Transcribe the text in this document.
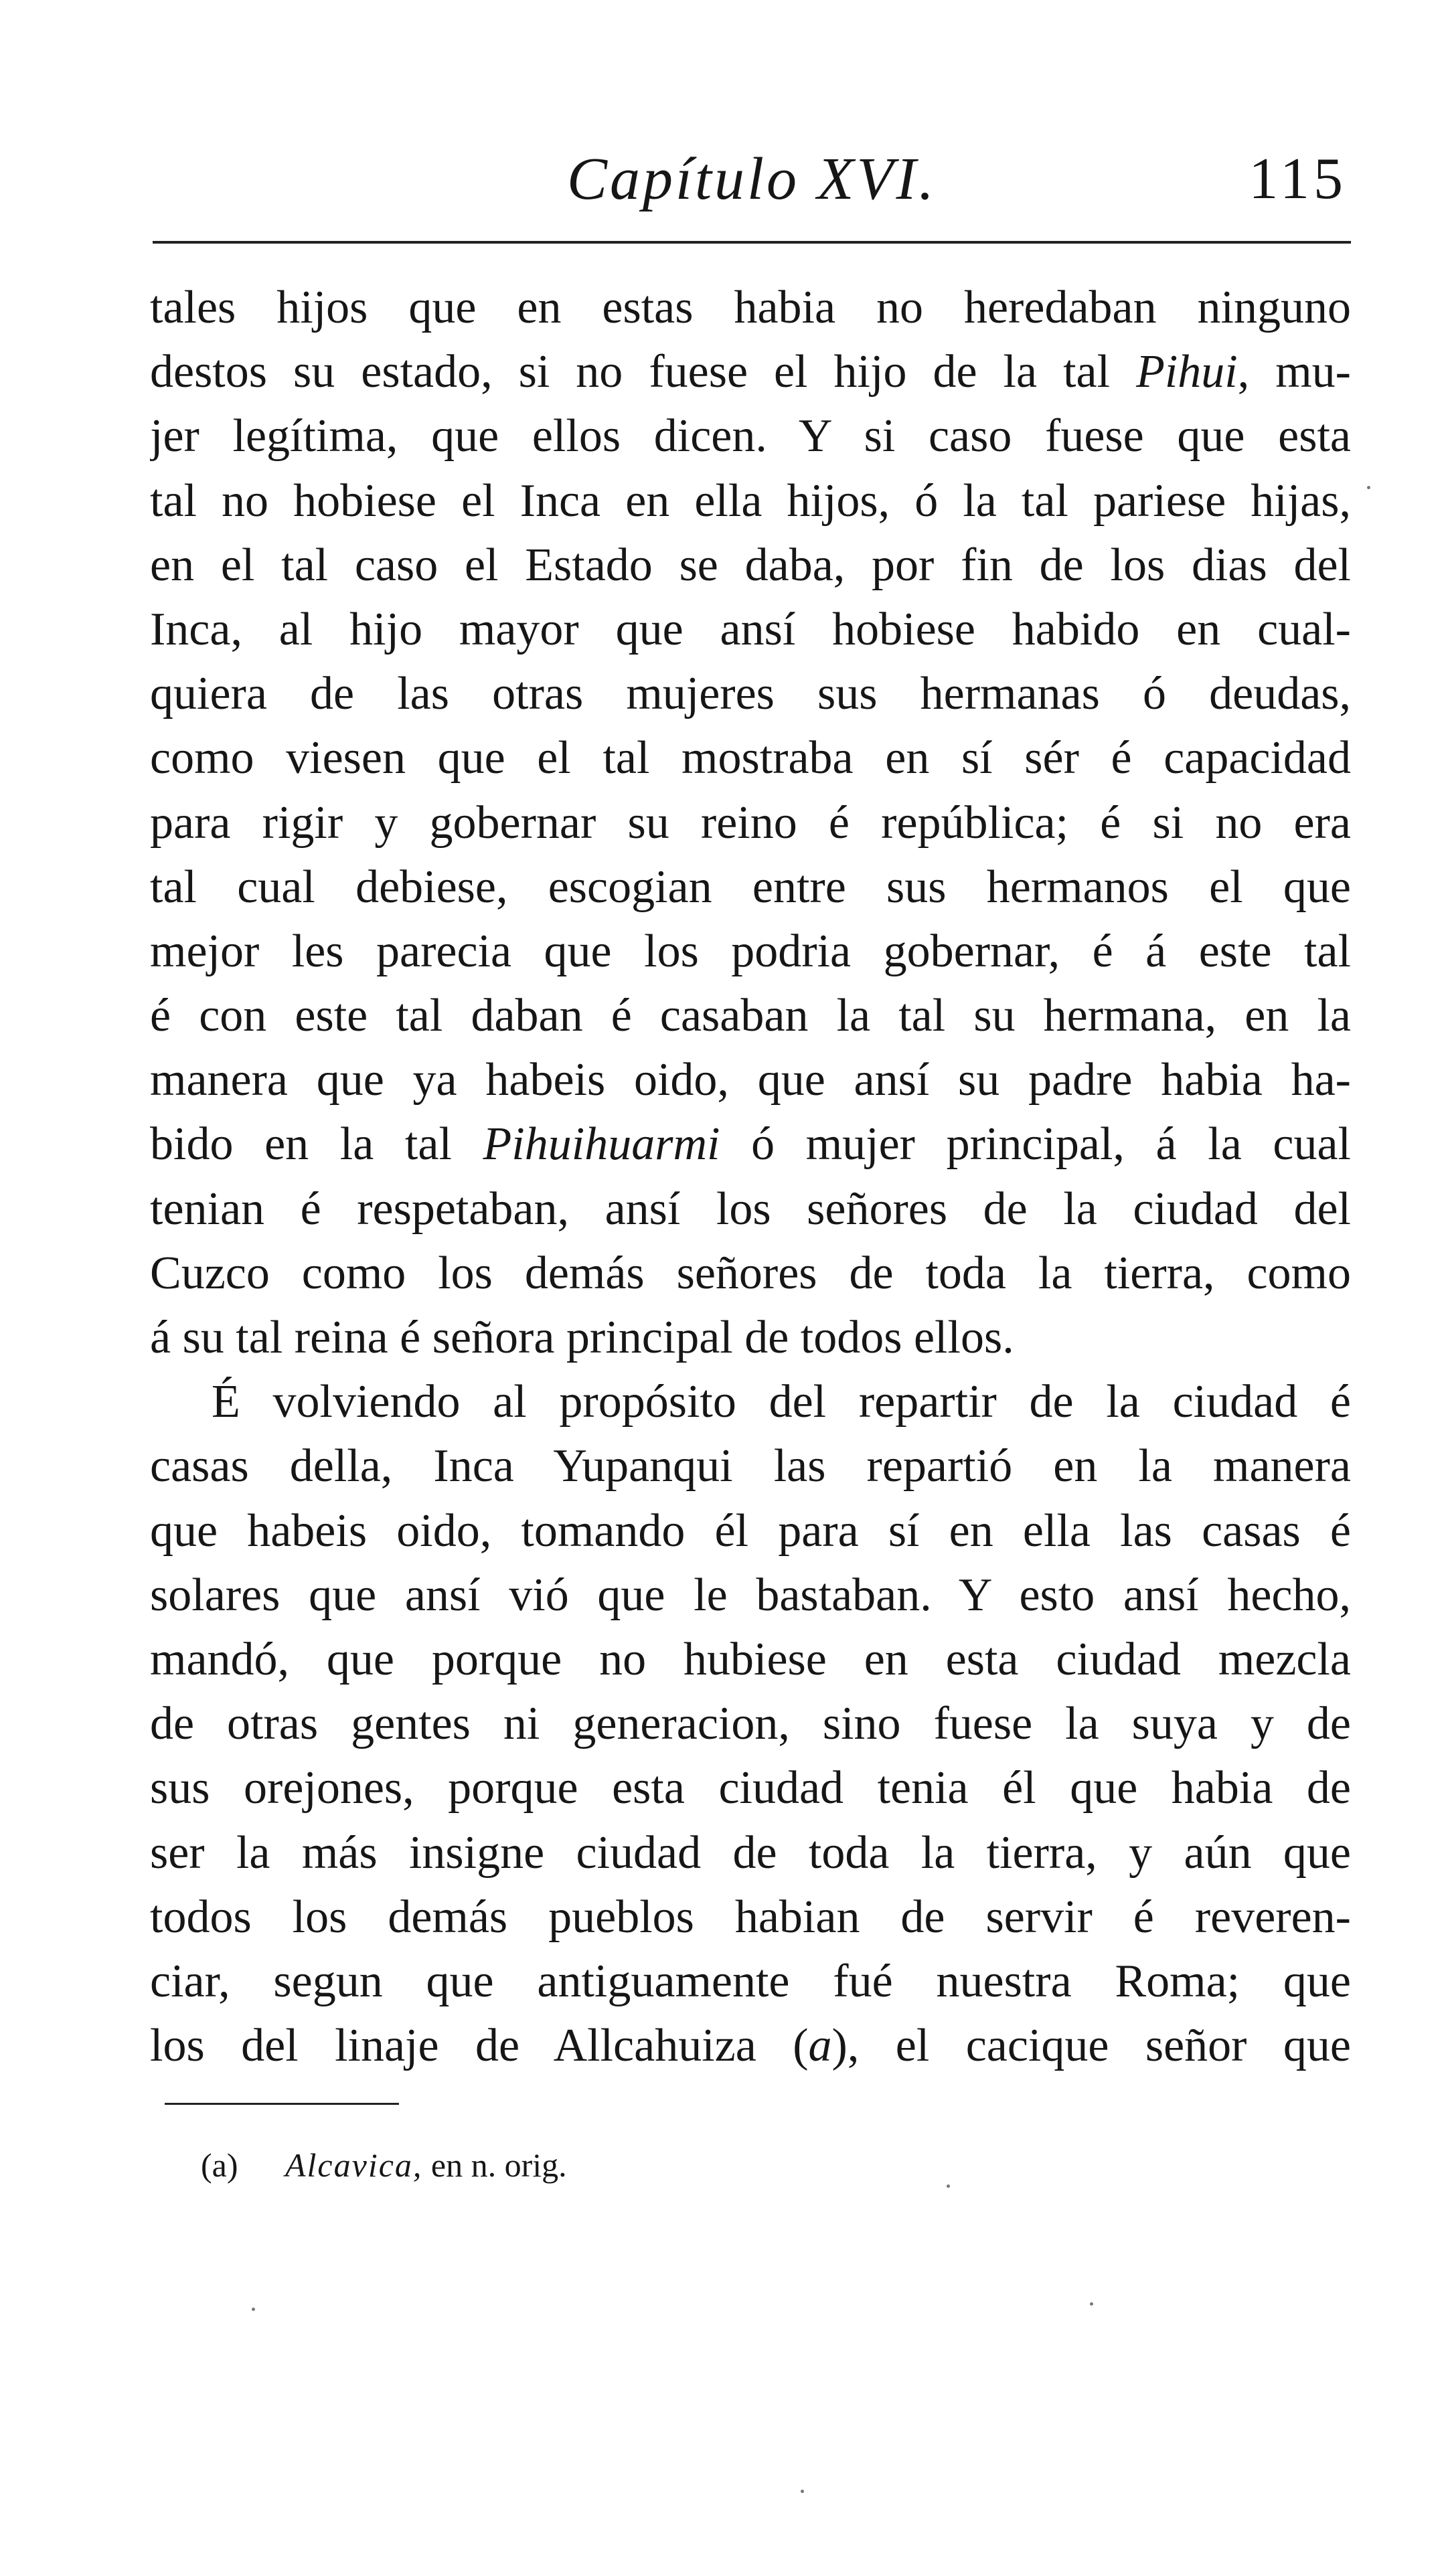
Capítulo XVI.	115
tales hijos que en estas habia no heredaban ninguno
destos su estado, si no fuese el hijo de la tal Pihui, mu-
jer legítima, que ellos dicen. Y si caso fuese que esta
tal no hobiese el Inca en ella hijos, ó la tal pariese hijas,
en el tal caso el Estado se daba, por fin de los dias del
Inca, al hijo mayor que ansí hobiese habido en cual-
quiera de las otras mujeres sus hermanas ó deudas,
como viesen que el tal mostraba en sí sér é capacidad
para rigir y gobernar su reino é república; é si no era
tal cual debiese, escogian entre sus hermanos el que
mejor les parecia que los podria gobernar, é á este tal
é con este tal daban é casaban la tal su hermana, en la
manera que ya habeis oido, que ansí su padre habia ha-
bido en la tal Pihuihuarmi ó mujer principal, á la cual
tenian é respetaban, ansí los señores de la ciudad del
Cuzco como los demás señores de toda la tierra, como
á su tal reina é señora principal de todos ellos.
É volviendo al propósito del repartir de la ciudad é
casas della, Inca Yupanqui las repartió en la manera
que habeis oido, tomando él para sí en ella las casas é
solares que ansí vió que le bastaban. Y esto ansí hecho,
mandó, que porque no hubiese en esta ciudad mezcla
de otras gentes ni generacion, sino fuese la suya y de
sus orejones, porque esta ciudad tenia él que habia de
ser la más insigne ciudad de toda la tierra, y aún que
todos los demás pueblos habian de servir é reveren-
ciar, segun que antiguamente fué nuestra Roma; que
los del linaje de Allcahuiza (a), el cacique señor que
(a) Alcavica, en n. orig.
